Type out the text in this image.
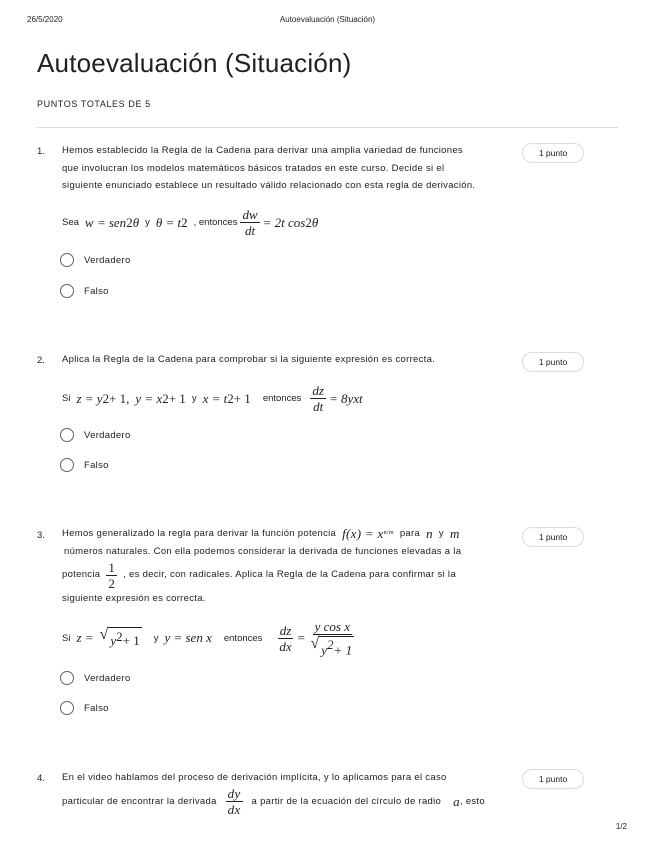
26/5/2020	Autoevaluación (Situación)
1/2
Autoevaluación (Situación)
PUNTOS TOTALES DE 5
1. Hemos establecido la Regla de la Cadena para derivar una amplia variedad de funciones
que involucran los modelos matemáticos básicos tratados en este curso. Decide si el
siguiente enunciado establece un resultado válido relacionado con esta regla de derivación.
1 punto
Sea w = sen 2 θ y θ = t 2 , entonces $\frac{dw}{dt} = 2t$ cos 2 θ
Verdadero
Falso
2. Aplica la Regla de la Cadena para comprobar si la siguiente expresión es correcta.	1 punto
Si z = y 2 + 1, y = x 2 + 1 y x = t 2 + 1 entonces $\frac{dz}{dt} = 8yxt$
Verdadero
Falso
3.	1 punto
Hemos generalizado la regla para derivar la función potencia f(x) = x n/m para n y m
números naturales. Con ella podemos considerar la derivada de funciones elevadas a la
potencia $\frac{1}{2}$ , es decir, con radicales. Aplica la Regla de la Cadena para confirmar si la
siguiente expresión es correcta.
Si z = √ $y^2+ 1$ y y = sen x entonces $\frac{dz}{dx} = \frac{\text{y cos x}}{√ y^2+ 1}$
Verdadero
Falso
4.	1 punto
En el video hablamos del proceso de derivación implícita, y lo aplicamos para el caso
particular de encontrar la derivada $\frac{dy}{dx}$ a partir de la ecuación del círculo de radio a , esto
